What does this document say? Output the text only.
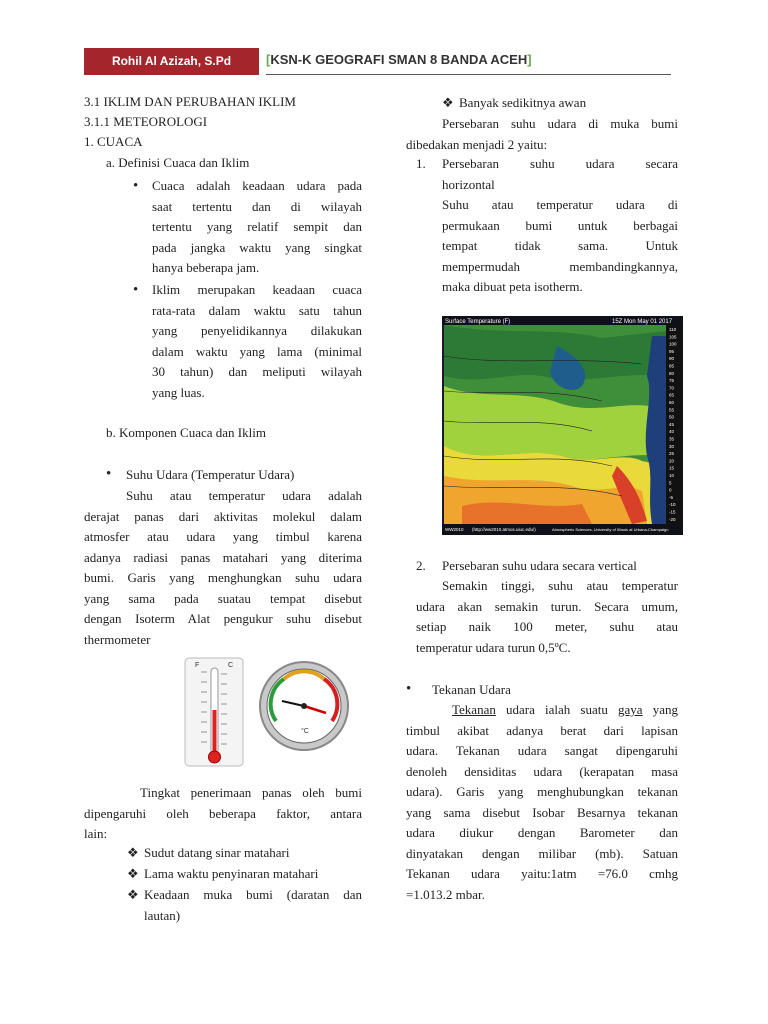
Rohil Al Azizah, S.Pd	[KSN-K GEOGRAFI SMAN 8 BANDA ACEH]
3.1 IKLIM DAN PERUBAHAN IKLIM
3.1.1 METEOROLOGI
1. CUACA
a. Definisi Cuaca dan Iklim
• Cuaca adalah keadaan udara pada
saat tertentu dan di wilayah
tertentu yang relatif sempit dan
pada jangka waktu yang singkat
hanya beberapa jam.
• Iklim merupakan keadaan cuaca
rata-rata dalam waktu satu tahun
yang penyelidikannya dilakukan
dalam waktu yang lama (minimal
30 tahun) dan meliputi wilayah
yang luas.
b. Komponen Cuaca dan Iklim
• Suhu Udara (Temperatur Udara)
Suhu atau temperatur udara adalah
derajat panas dari aktivitas molekul dalam
atmosfer atau udara yang timbul karena
adanya radiasi panas matahari yang diterima
bumi. Garis yang menghungkan suhu udara
yang sama pada suatau tempat disebut
dengan Isoterm Alat pengukur suhu disebut
thermometer
F	C
°C
Tingkat penerimaan panas oleh bumi
dipengaruhi oleh beberapa faktor, antara
lain:
❖ Sudut datang sinar matahari
❖ Lama waktu penyinaran matahari
❖ Keadaan muka bumi (daratan dan
lautan)
❖ Banyak sedikitnya awan
Persebaran suhu udara di muka bumi
dibedakan menjadi 2 yaitu:
1. Persebaran suhu udara secara
horizontal
Suhu atau temperatur udara di
permukaan bumi untuk berbagai
tempat tidak sama. Untuk
mempermudah membandingkannya,
maka dibuat peta isotherm.
Surface Temperature (F)	15Z Mon May 01 2017
110
105
100
95
90
85
80
75
70
65
60
55
50
45
40
35
30
25
20
15
10
5
0
-5
-10
-15
-20
WW2010 (http://ww2010.atmos.uiuc.edu/)	Atmospheric Sciences, University of Illinois at Urbana-Champaign
2. Persebaran suhu udara secara vertical
Semakin tinggi, suhu atau temperatur
udara akan semakin turun. Secara umum,
setiap naik 100 meter, suhu atau
temperatur udara turun 0,5ºC.
• Tekanan Udara
Tekanan udara ialah suatu gaya yang
timbul akibat adanya berat dari lapisan
udara. Tekanan udara sangat dipengaruhi
denoleh densiditas udara (kerapatan masa
udara). Garis yang menghubungkan tekanan
yang sama disebut Isobar Besarnya tekanan
udara diukur dengan Barometer dan
dinyatakan dengan milibar (mb). Satuan
Tekanan udara yaitu:1atm =76.0 cmhg
=1.013.2 mbar.
